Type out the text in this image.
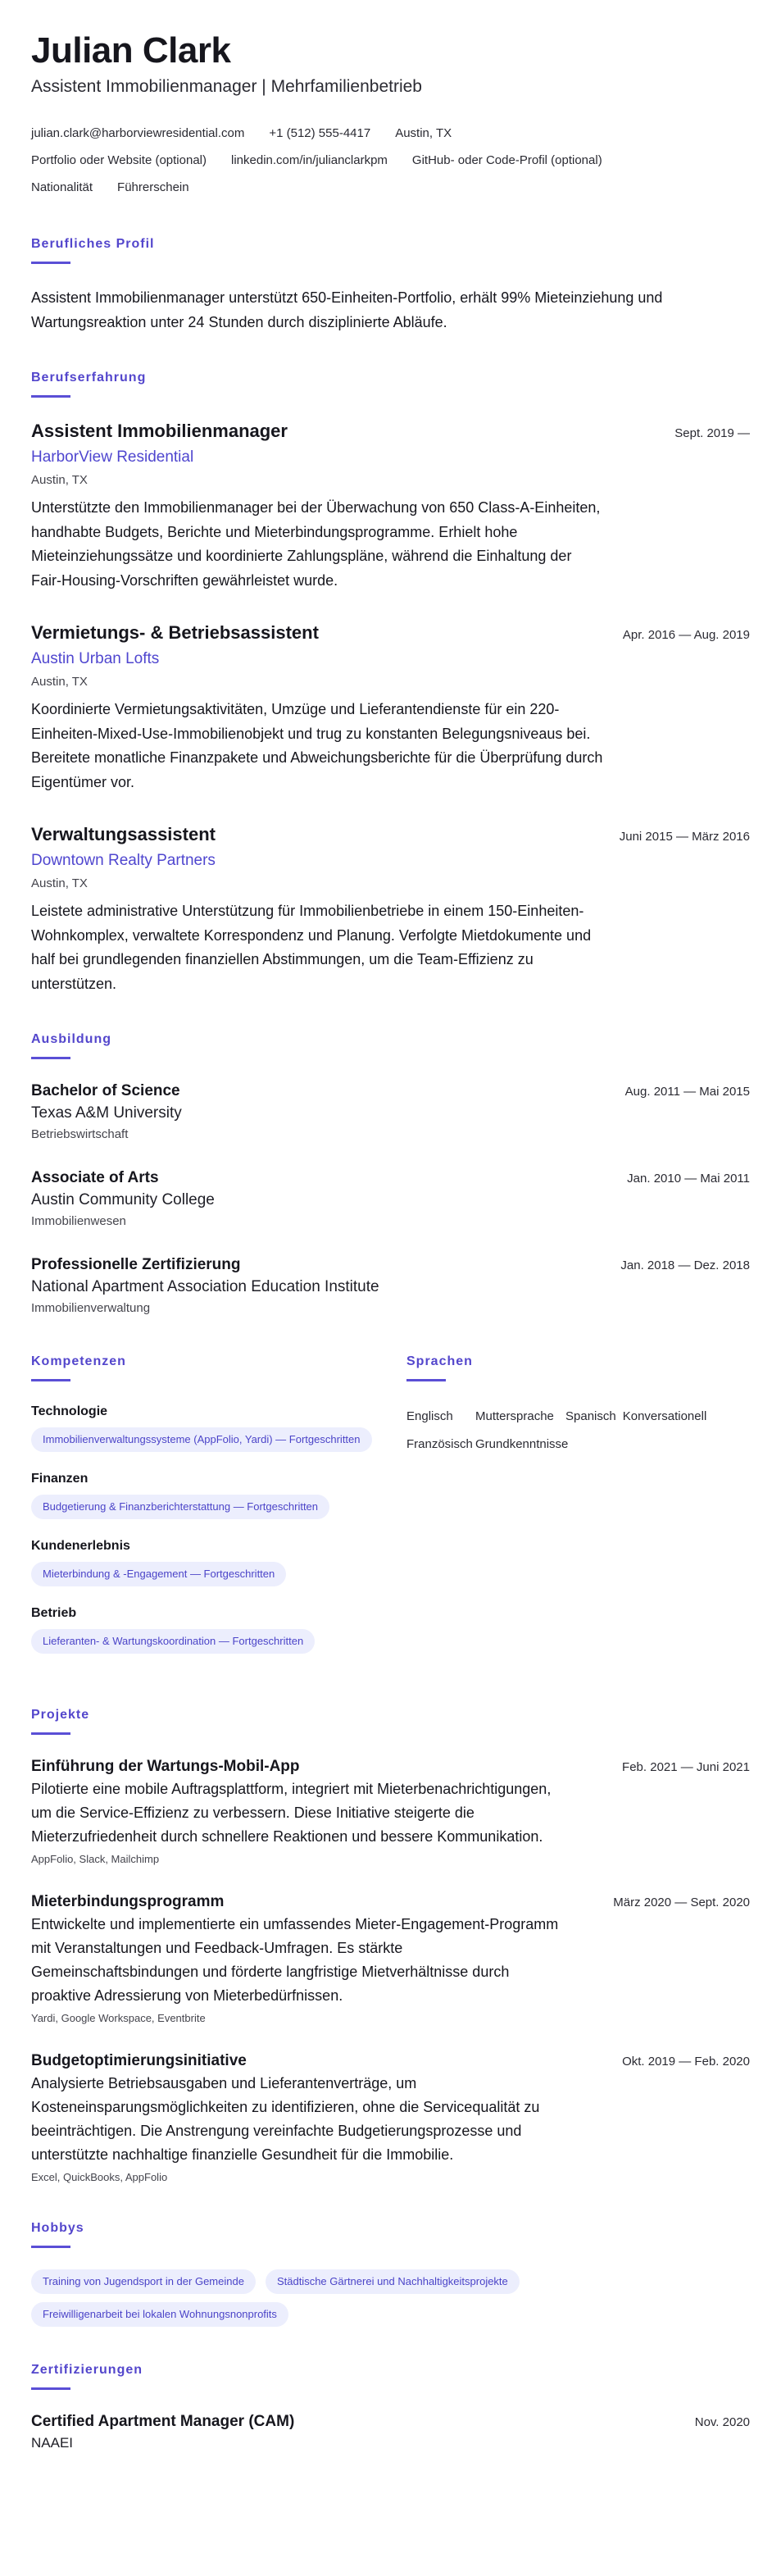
Julian Clark
Assistent Immobilienmanager | Mehrfamilienbetrieb
julian.clark@harborviewresidential.com +1 (512) 555-4417 Austin, TX
Portfolio oder Website (optional) linkedin.com/in/julianclarkpm GitHub- oder Code-Profil (optional)
Nationalität Führerschein
Berufliches Profil

Assistent Immobilienmanager unterstützt 650-Einheiten-Portfolio, erhält 99% Mieteinziehung und Wartungsreaktion unter 24 Stunden durch disziplinierte Abläufe.

Berufserfahrung
Assistent Immobilienmanager	Sept. 2019 —
HarborView Residential
Austin, TX

Unterstützte den Immobilienmanager bei der Überwachung von 650 Class-A-Einheiten, handhabte Budgets, Berichte und Mieterbindungsprogramme. Erhielt hohe Mieteinziehungssätze und koordinierte Zahlungspläne, während die Einhaltung der Fair-Housing-Vorschriften gewährleistet wurde.

Vermietungs- & Betriebsassistent	Apr. 2016 — Aug. 2019
Austin Urban Lofts
Austin, TX

Koordinierte Vermietungsaktivitäten, Umzüge und Lieferantendienste für ein 220-Einheiten-Mixed-Use-Immobilienobjekt und trug zu konstanten Belegungsniveaus bei. Bereitete monatliche Finanzpakete und Abweichungsberichte für die Überprüfung durch Eigentümer vor.

Verwaltungsassistent	Juni 2015 — März 2016
Downtown Realty Partners
Austin, TX

Leistete administrative Unterstützung für Immobilienbetriebe in einem 150-Einheiten-Wohnkomplex, verwaltete Korrespondenz und Planung. Verfolgte Mietdokumente und half bei grundlegenden finanziellen Abstimmungen, um die Team-Effizienz zu unterstützen.

Ausbildung
Bachelor of Science	Aug. 2011 — Mai 2015
Texas A&M University
Betriebswirtschaft
Associate of Arts	Jan. 2010 — Mai 2011
Austin Community College
Immobilienwesen
Professionelle Zertifizierung	Jan. 2018 — Dez. 2018
National Apartment Association Education Institute
Immobilienverwaltung
Kompetenzen
Technologie
Immobilienverwaltungssysteme (AppFolio, Yardi) — Fortgeschritten
Finanzen
Budgetierung & Finanzberichterstattung — Fortgeschritten
Kundenerlebnis
Mieterbindung & -Engagement — Fortgeschritten
Betrieb
Lieferanten- & Wartungskoordination — Fortgeschritten
Sprachen
Englisch	Muttersprache Spanisch Konversationell
Französisch Grundkenntnisse
Projekte
Einführung der Wartungs-Mobil-App	Feb. 2021 — Juni 2021

Pilotierte eine mobile Auftragsplattform, integriert mit Mieterbenachrichtigungen, um die Service-Effizienz zu verbessern. Diese Initiative steigerte die Mieterzufriedenheit durch schnellere Reaktionen und bessere Kommunikation.

AppFolio, Slack, Mailchimp
Mieterbindungsprogramm	März 2020 — Sept. 2020

Entwickelte und implementierte ein umfassendes Mieter-Engagement-Programm mit Veranstaltungen und Feedback-Umfragen. Es stärkte Gemeinschaftsbindungen und förderte langfristige Mietverhältnisse durch proaktive Adressierung von Mieterbedürfnissen.

Yardi, Google Workspace, Eventbrite
Budgetoptimierungsinitiative	Okt. 2019 — Feb. 2020

Analysierte Betriebsausgaben und Lieferantenverträge, um Kosteneinsparungsmöglichkeiten zu identifizieren, ohne die Servicequalität zu beeinträchtigen. Die Anstrengung vereinfachte Budgetierungsprozesse und unterstützte nachhaltige finanzielle Gesundheit für die Immobilie.

Excel, QuickBooks, AppFolio
Hobbys
Training von Jugendsport in der Gemeinde	Städtische Gärtnerei und Nachhaltigkeitsprojekte
Freiwilligenarbeit bei lokalen Wohnungsnonprofits
Zertifizierungen
Certified Apartment Manager (CAM)	Nov. 2020
NAAEI
